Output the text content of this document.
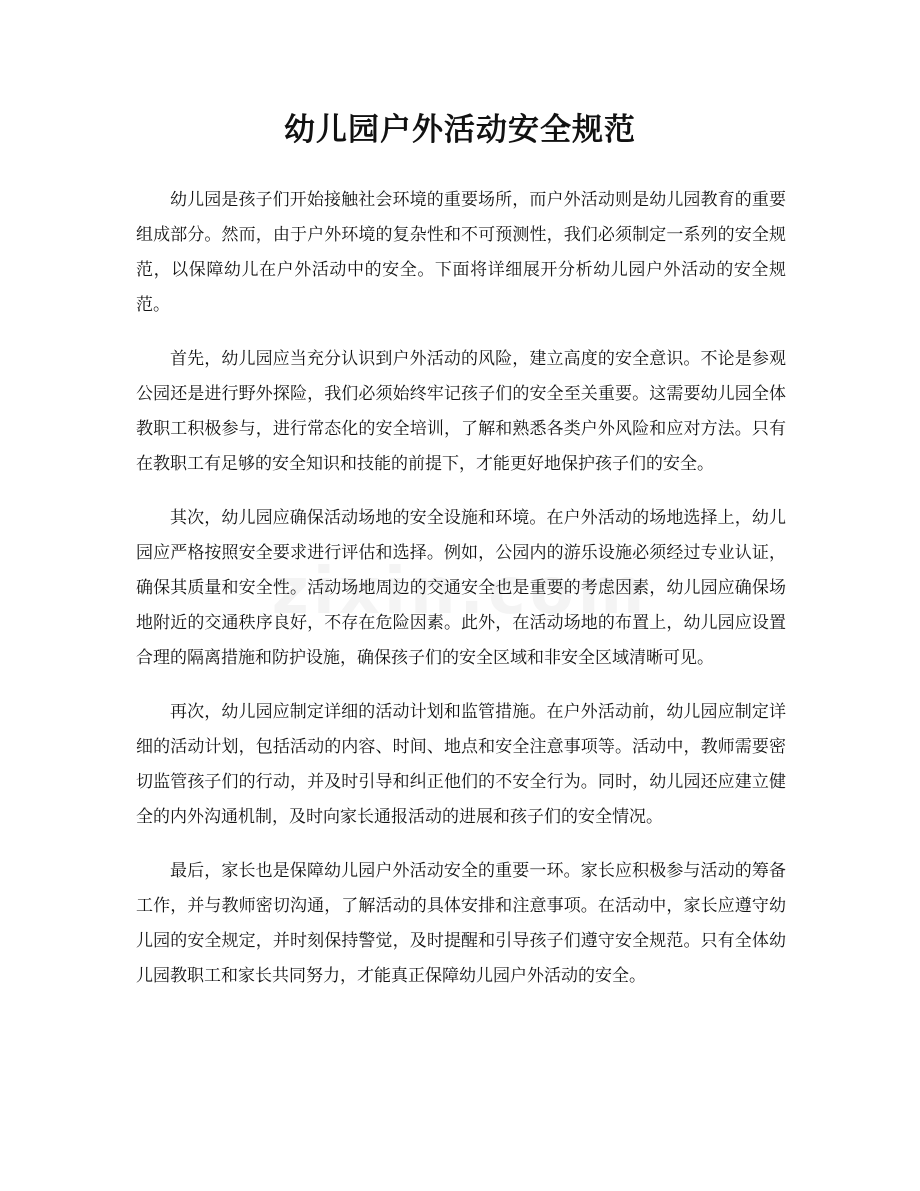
幼儿园户外活动安全规范

幼儿园是孩子们开始接触社会环境的重要场所，而户外活动则是幼儿园教育的重要组成部分。然而，由于户外环境的复杂性和不可预测性，我们必须制定一系列的安全规范，以保障幼儿在户外活动中的安全。下面将详细展开分析幼儿园户外活动的安全规范。

首先，幼儿园应当充分认识到户外活动的风险，建立高度的安全意识。不论是参观公园还是进行野外探险，我们必须始终牢记孩子们的安全至关重要。这需要幼儿园全体教职工积极参与，进行常态化的安全培训，了解和熟悉各类户外风险和应对方法。只有在教职工有足够的安全知识和技能的前提下，才能更好地保护孩子们的安全。

其次，幼儿园应确保活动场地的安全设施和环境。在户外活动的场地选择上，幼儿园应严格按照安全要求进行评估和选择。例如，公园内的游乐设施必须经过专业认证，确保其质量和安全性。活动场地周边的交通安全也是重要的考虑因素，幼儿园应确保场地附近的交通秩序良好，不存在危险因素。此外，在活动场地的布置上，幼儿园应设置合理的隔离措施和防护设施，确保孩子们的安全区域和非安全区域清晰可见。

再次，幼儿园应制定详细的活动计划和监管措施。在户外活动前，幼儿园应制定详细的活动计划，包括活动的内容、时间、地点和安全注意事项等。活动中，教师需要密切监管孩子们的行动，并及时引导和纠正他们的不安全行为。同时，幼儿园还应建立健全的内外沟通机制，及时向家长通报活动的进展和孩子们的安全情况。

最后，家长也是保障幼儿园户外活动安全的重要一环。家长应积极参与活动的筹备工作，并与教师密切沟通，了解活动的具体安排和注意事项。在活动中，家长应遵守幼儿园的安全规定，并时刻保持警觉，及时提醒和引导孩子们遵守安全规范。只有全体幼儿园教职工和家长共同努力，才能真正保障幼儿园户外活动的安全。
